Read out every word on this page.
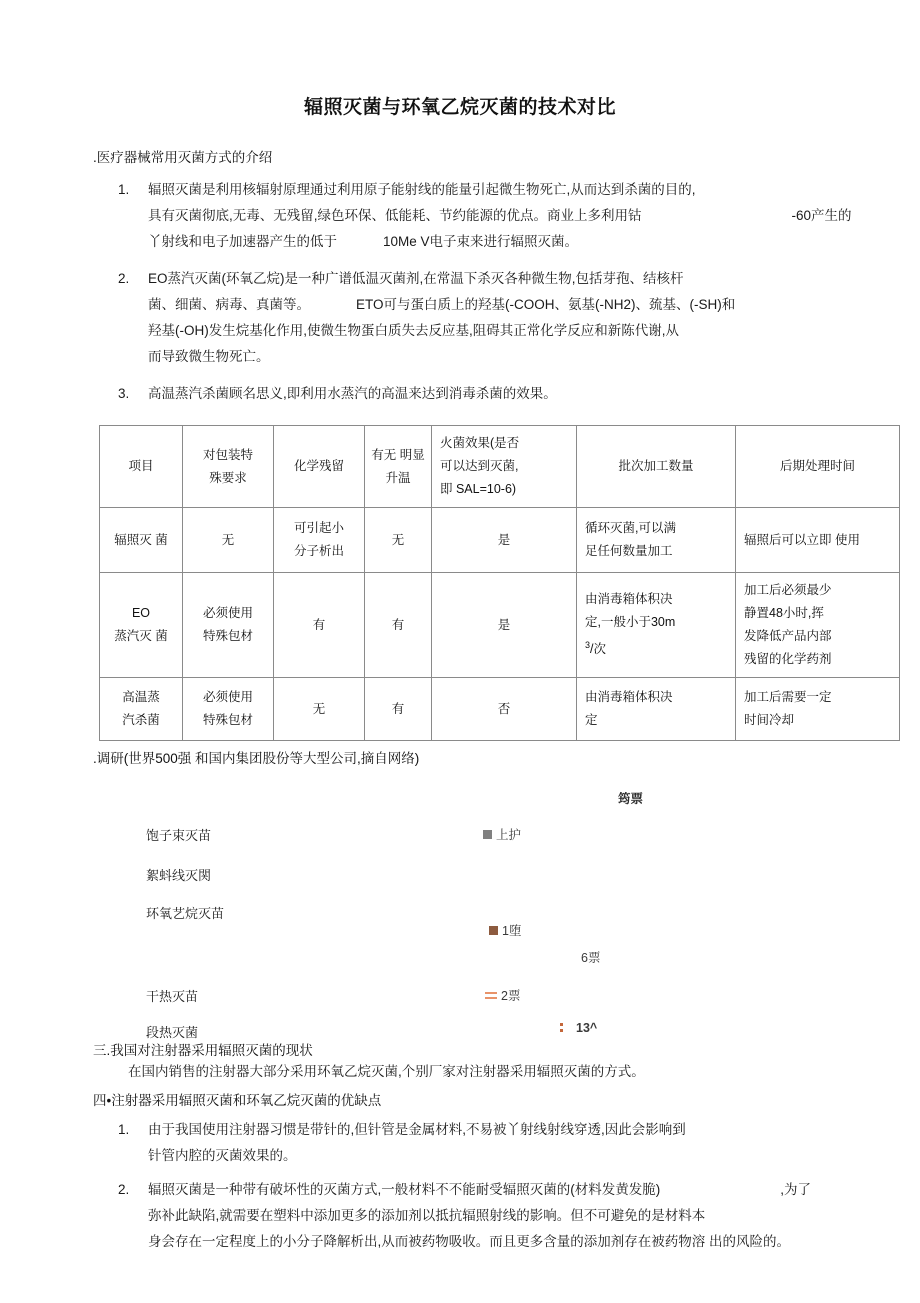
辐照灭菌与环氧乙烷灭菌的技术对比
.医疗器械常用灭菌方式的介绍
1.	辐照灭菌是利用核辐射原理通过利用原子能射线的能量引起微生物死亡,从而达到杀菌的目的,
具有灭菌彻底,无毒、无残留,绿色环保、低能耗、节约能源的优点。商业上多利用钴	-60产生的
丫射线和电子加速器产生的低于	10Me V电子束来进行辐照灭菌。
2.	EO蒸汽灭菌(环氧乙烷)是一种广谱低温灭菌剂,在常温下杀灭各种微生物,包括芽孢、结核杆
菌、细菌、病毒、真菌等。	ETO可与蛋白质上的羟基(-COOH、氨基(-NH2)、巯基、(-SH)和
羟基(-OH)发生烷基化作用,使微生物蛋白质失去反应基,阻碍其正常化学反应和新陈代谢,从
而导致微生物死亡。
3.	高温蒸汽杀菌顾名思义,即利用水蒸汽的高温来达到消毒杀菌的效果。
项目	对包装特
殊要求	化学残留	有无 明显
升温	火菌效果(是否
可以达到灭菌,
即 SAL=10-6)	批次加工数量	后期处理时间
辐照灭 菌	无	可引起小
分子析出	无	是	循环灭菌,可以满
足任何数量加工	辐照后可以立即 使用

EO
蒸汽灭 菌	必须使用
特殊包材	有	有	是	由消毒箱体积决
定,一般小于30m
$^3$/次	加工后必须最少
静置48小时,挥
发降低产品内部
残留的化学药剂

高温蒸
汽杀菌	必须使用
特殊包材	无	有	否	由消毒箱体积决
定	加工后需要一定
时间冷却
.调研(世界500强 和国内集团股份等大型公司,摘自网络)
筠票
饱子束灭苗	上护
絮蚪线灭関
环氧艺烷灭苗
1堕
6票
干热灭苗	2票
段热灭菌	13^
三.我国对注射器采用辐照灭菌的现状

在国内销售的注射器大部分采用环氧乙烷灭菌,个别厂家对注射器采用辐照灭菌的方式。

四•注射器采用辐照灭菌和环氧乙烷灭菌的优缺点
1.	由于我国使用注射器习惯是带针的,但针管是金属材料,不易被丫射线射线穿透,因此会影响到
针管内腔的灭菌效果的。
2.	辐照灭菌是一种带有破坏性的灭菌方式,一般材料不不能耐受辐照灭菌的(材料发黄发脆)	,为了
弥补此缺陷,就需要在塑料中添加更多的添加剂以抵抗辐照射线的影响。但不可避免的是材料本
身会存在一定程度上的小分子降解析出,从而被药物吸收。而且更多含量的添加剂存在被药物溶 出的风险的。
